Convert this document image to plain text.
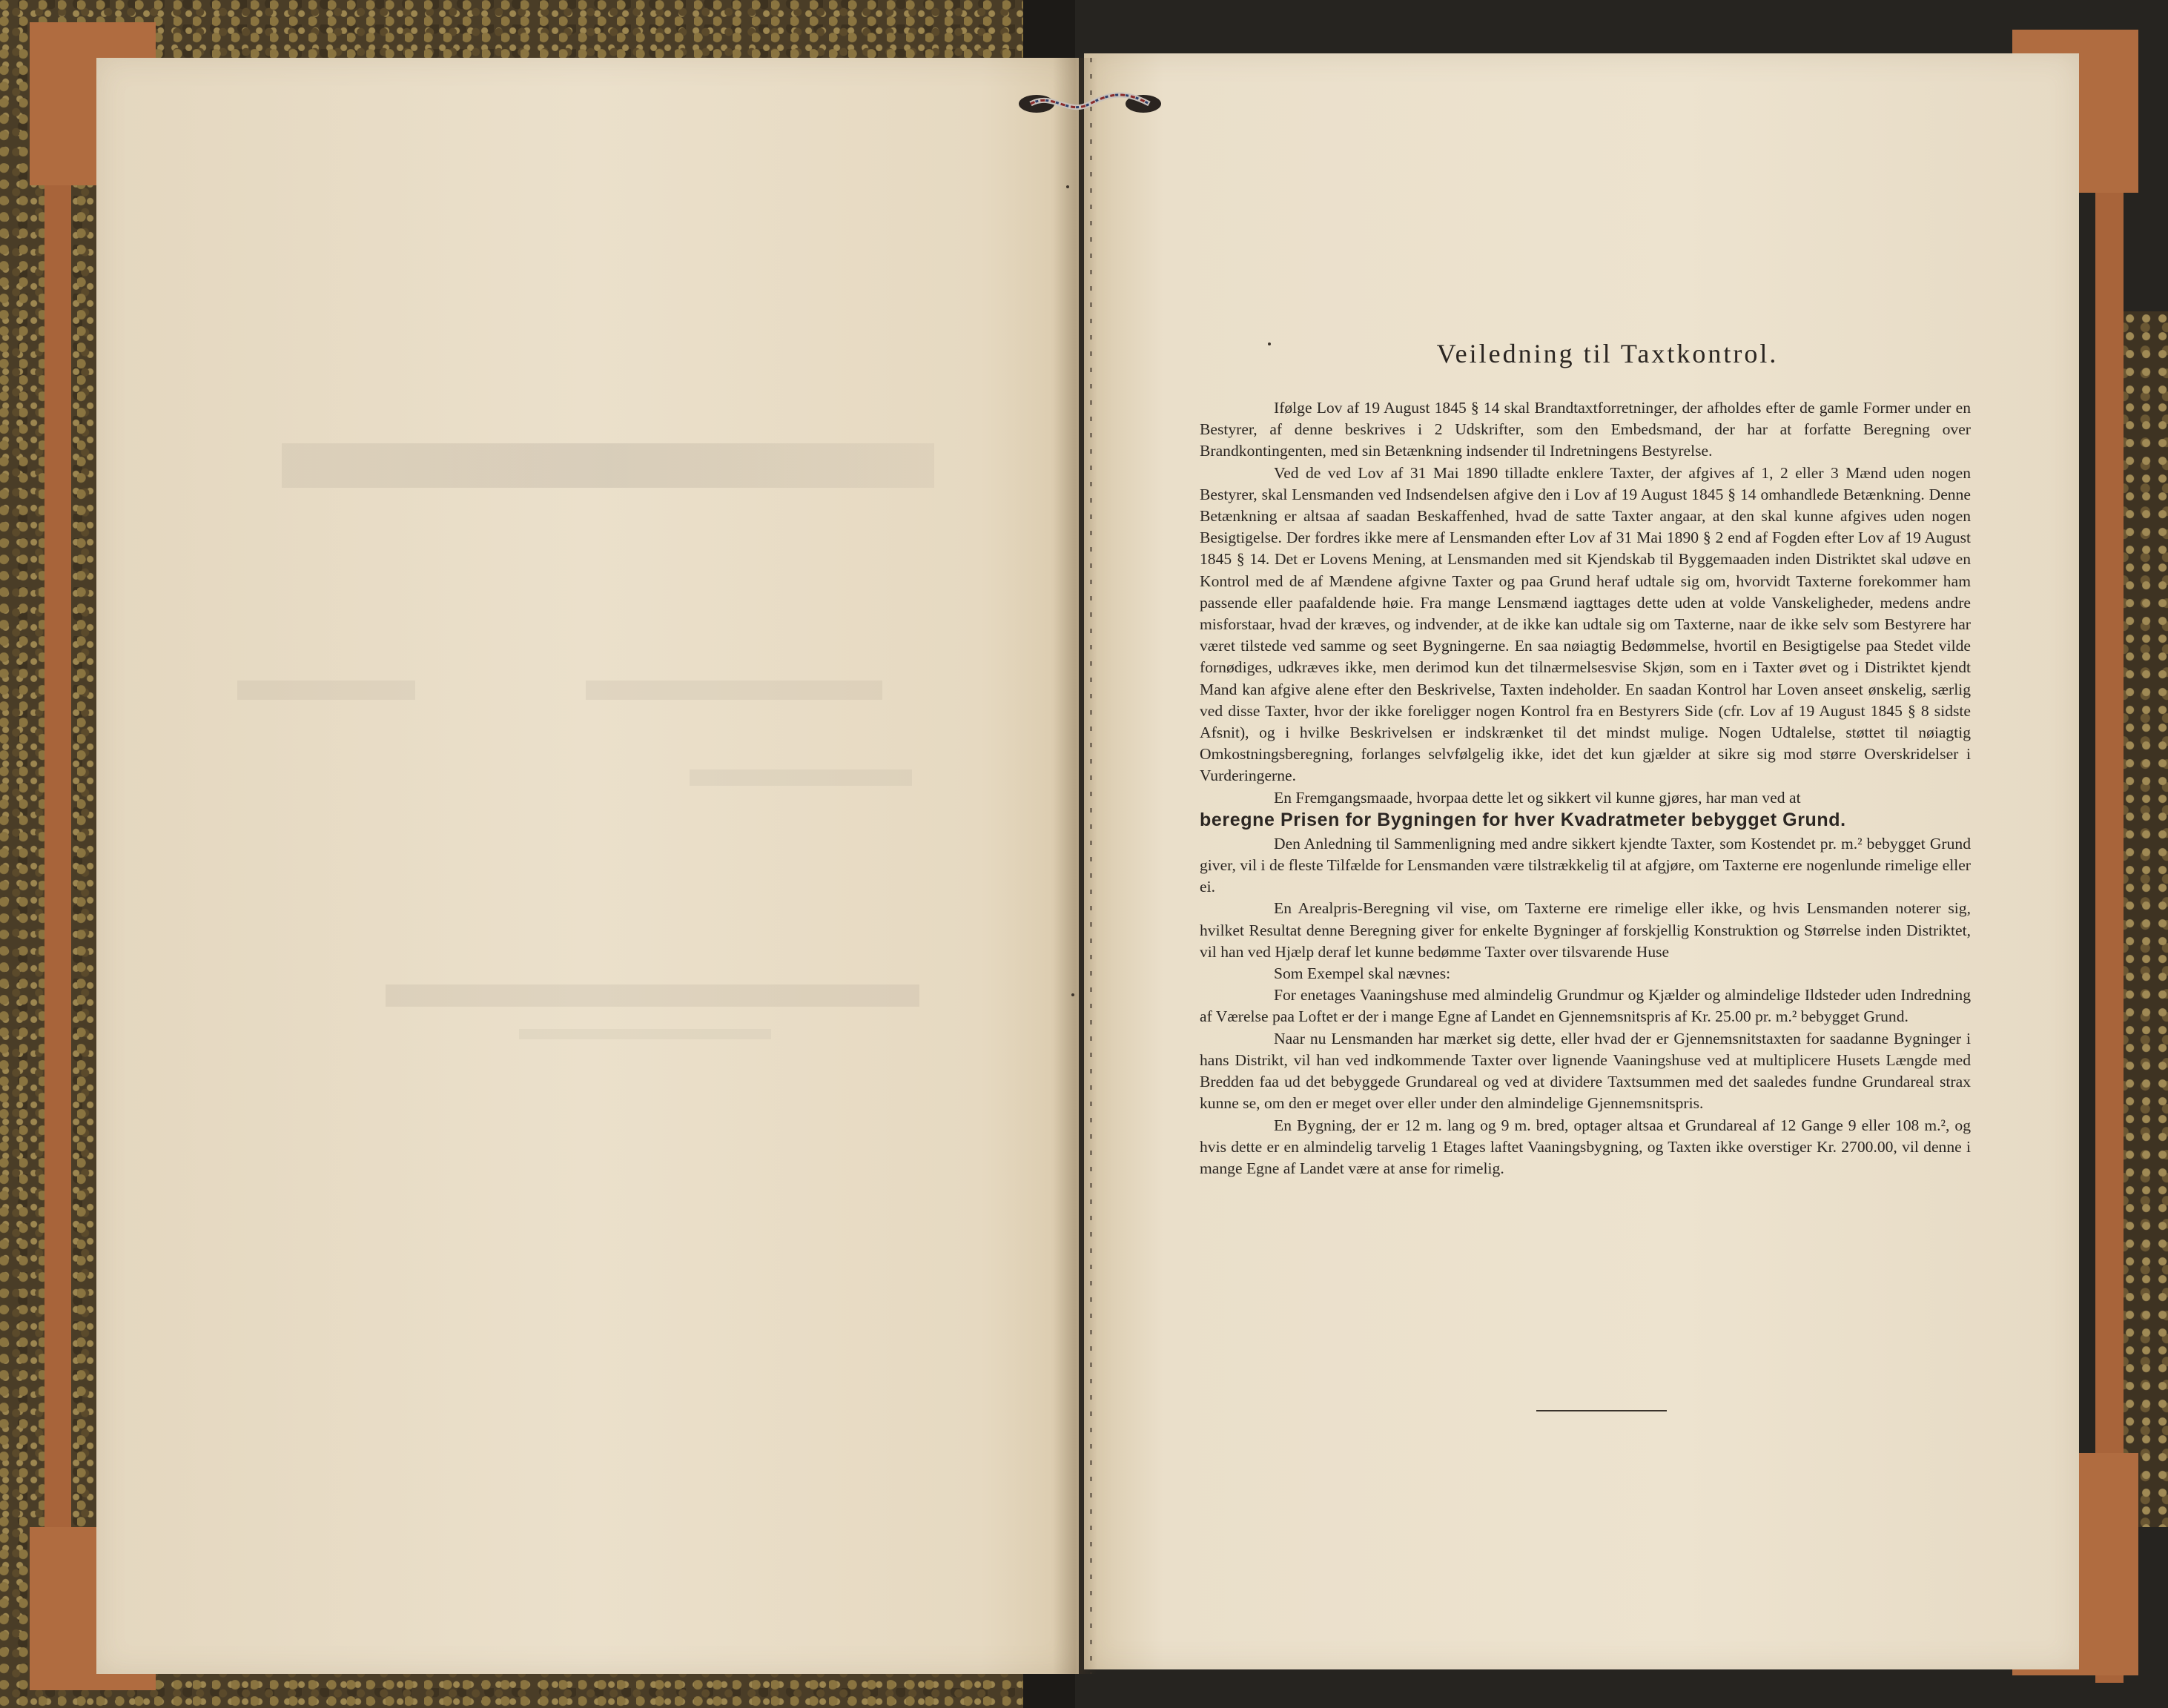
Veiledning til Taxtkontrol.

Ifølge Lov af 19 August 1845 § 14 skal Brandtaxtforretninger, der afholdes efter de gamle Former under en Bestyrer, af denne beskrives i 2 Udskrifter, som den Embedsmand, der har at forfatte Beregning over Brandkontingenten, med sin Betænkning indsender til Indretningens Bestyrelse.

Ved de ved Lov af 31 Mai 1890 tilladte enklere Taxter, der afgives af 1, 2 eller 3 Mænd uden nogen Bestyrer, skal Lensmanden ved Indsendelsen afgive den i Lov af 19 August 1845 § 14 omhandlede Betænkning. Denne Betænkning er altsaa af saadan Beskaffenhed, hvad de satte Taxter angaar, at den skal kunne afgives uden nogen Besigtigelse. Der fordres ikke mere af Lensmanden efter Lov af 31 Mai 1890 § 2 end af Fogden efter Lov af 19 August 1845 § 14. Det er Lovens Mening, at Lensmanden med sit Kjendskab til Byggemaaden inden Distriktet skal udøve en Kontrol med de af Mændene afgivne Taxter og paa Grund heraf udtale sig om, hvorvidt Taxterne forekommer ham passende eller paafaldende høie. Fra mange Lensmænd iagttages dette uden at volde Vanskeligheder, medens andre misforstaar, hvad der kræves, og indvender, at de ikke kan udtale sig om Taxterne, naar de ikke selv som Bestyrere har været tilstede ved samme og seet Bygningerne. En saa nøiagtig Bedømmelse, hvortil en Besigtigelse paa Stedet vilde fornødiges, udkræves ikke, men derimod kun det tilnærmelsesvise Skjøn, som en i Taxter øvet og i Distriktet kjendt Mand kan afgive alene efter den Beskrivelse, Taxten indeholder. En saadan Kontrol har Loven anseet ønskelig, særlig ved disse Taxter, hvor der ikke foreligger nogen Kontrol fra en Bestyrers Side (cfr. Lov af 19 August 1845 § 8 sidste Afsnit), og i hvilke Beskrivelsen er indskrænket til det mindst mulige. Nogen Udtalelse, støttet til nøiagtig Omkostningsberegning, forlanges selvfølgelig ikke, idet det kun gjælder at sikre sig mod større Overskridelser i Vurderingerne.

En Fremgangsmaade, hvorpaa dette let og sikkert vil kunne gjøres, har man ved at

beregne Prisen for Bygningen for hver Kvadratmeter bebygget Grund.

Den Anledning til Sammenligning med andre sikkert kjendte Taxter, som Kostendet pr. m.² bebygget Grund giver, vil i de fleste Tilfælde for Lensmanden være tilstrækkelig til at afgjøre, om Taxterne ere nogenlunde rimelige eller ei.

En Arealpris-Beregning vil vise, om Taxterne ere rimelige eller ikke, og hvis Lensmanden noterer sig, hvilket Resultat denne Beregning giver for enkelte Bygninger af forskjellig Konstruktion og Størrelse inden Distriktet, vil han ved Hjælp deraf let kunne bedømme Taxter over tilsvarende Huse

Som Exempel skal nævnes:

For enetages Vaaningshuse med almindelig Grundmur og Kjælder og almindelige Ildsteder uden Indredning af Værelse paa Loftet er der i mange Egne af Landet en Gjennemsnitspris af Kr. 25.00 pr. m.² bebygget Grund.

Naar nu Lensmanden har mærket sig dette, eller hvad der er Gjennemsnitstaxten for saadanne Bygninger i hans Distrikt, vil han ved indkommende Taxter over lignende Vaaningshuse ved at multiplicere Husets Længde med Bredden faa ud det bebyggede Grundareal og ved at dividere Taxtsummen med det saaledes fundne Grundareal strax kunne se, om den er meget over eller under den almindelige Gjennemsnitspris.

En Bygning, der er 12 m. lang og 9 m. bred, optager altsaa et Grundareal af 12 Gange 9 eller 108 m.², og hvis dette er en almindelig tarvelig 1 Etages laftet Vaaningsbygning, og Taxten ikke overstiger Kr. 2700.00, vil denne i mange Egne af Landet være at anse for rimelig.
